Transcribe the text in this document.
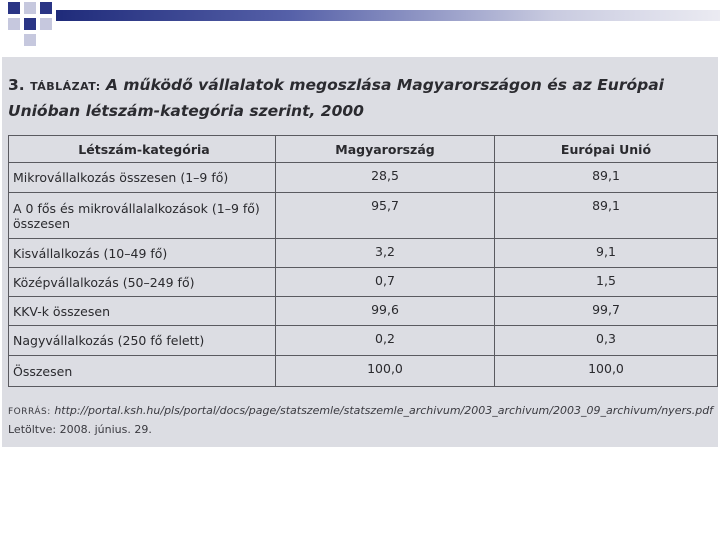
3. TÁBLÁZAT: A működő vállalatok megoszlása Magyarországon és az Európai Unióban létszám-kategória szerint, 2000
Létszám-kategória	Magyarország	Európai Unió
Mikrovállalkozás összesen (1–9 fő)	28,5	89,1
A 0 fős és mikrovállalalkozások (1–9 fő) összesen	95,7	89,1
Kisvállalkozás (10–49 fő)	3,2	9,1
Középvállalkozás (50–249 fő)	0,7	1,5
KKV-k összesen	99,6	99,7
Nagyvállalkozás (250 fő felett)	0,2	0,3
Összesen	100,0	100,0
FORRÁS: http://portal.ksh.hu/pls/portal/docs/page/statszemle/statszemle_archivum/2003_archivum/2003_09_archivum/nyers.pdf Letöltve: 2008. június. 29.
